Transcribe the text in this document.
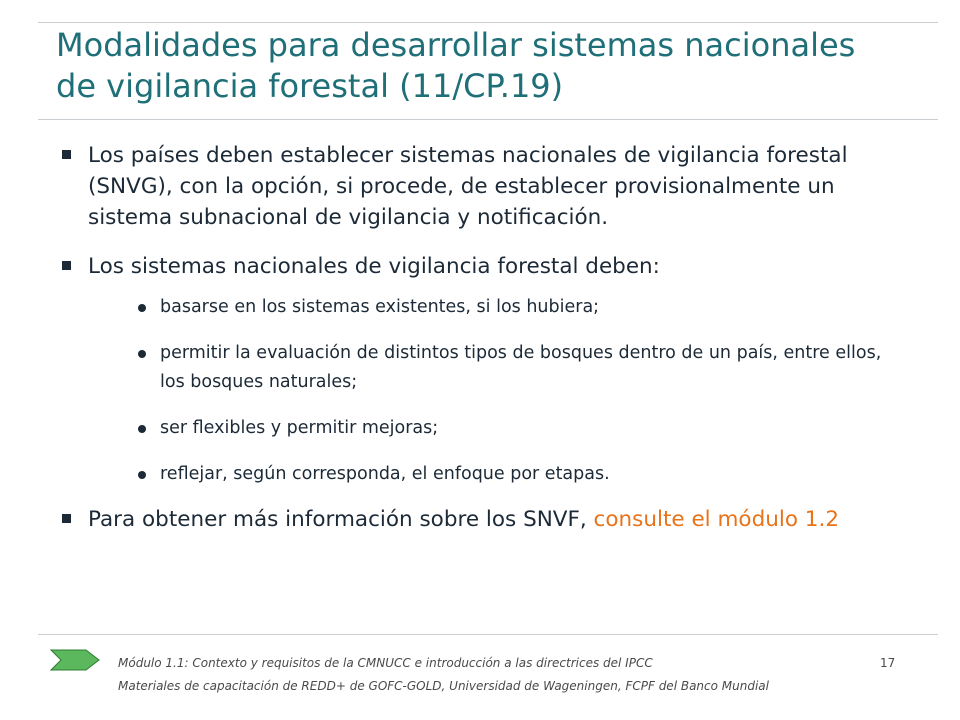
Modalidades para desarrollar sistemas nacionales
de vigilancia forestal (11/CP.19)
Los países deben establecer sistemas nacionales de vigilancia forestal (SNVG), con la opción, si procede, de establecer provisionalmente un sistema subnacional de vigilancia y notificación.
Los sistemas nacionales de vigilancia forestal deben:
basarse en los sistemas existentes, si los hubiera;
permitir la evaluación de distintos tipos de bosques dentro de un país, entre ellos, los bosques naturales;
ser flexibles y permitir mejoras;
reflejar, según corresponda, el enfoque por etapas.
Para obtener más información sobre los SNVF, consulte el módulo 1.2
Módulo 1.1: Contexto y requisitos de la CMNUCC e introducción a las directrices del IPCC
Materiales de capacitación de REDD+ de GOFC-GOLD, Universidad de Wageningen, FCPF del Banco Mundial
17
